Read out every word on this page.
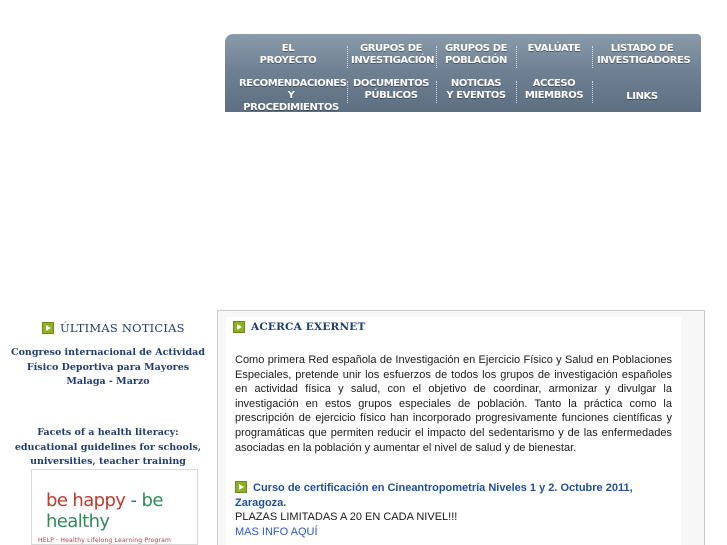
EL
PROYECTO
GRUPOS DE
INVESTIGACIÓN
GRUPOS DE
POBLACIÓN
EVALÚATE	LISTADO DE
INVESTIGADORES
RECOMENDACIONES
Y PROCEDIMIENTOS
DOCUMENTOS
PÚBLICOS
NOTICIAS
Y EVENTOS
ACCESO
MIEMBROS	LINKS
ÚLTIMAS NOTICIAS
Congreso internacional de Actividad Físico Deportiva para Mayores Malaga - Marzo
Facets of a health literacy: educational guidelines for schools, universities, teacher training
be happy - be healthy
HELP · Healthy Lifelong Learning Program
ACERCA EXERNET
Como primera Red española de Investigación en Ejercicio Físico y Salud en Poblaciones Especiales, pretende unir los esfuerzos de todos los grupos de investigación españoles en actividad física y salud, con el objetivo de coordinar, armonizar y divulgar la investigación en estos grupos especiales de población. Tanto la práctica como la prescripción de ejercicio físico han incorporado progresivamente funciones científicas y programáticas que permiten reducir el impacto del sedentarismo y de las enfermedades asociadas en la población y aumentar el nivel de salud y de bienestar.
Curso de certificación en Cineantropometría Niveles 1 y 2. Octubre 2011, Zaragoza.
PLAZAS LIMITADAS A 20 EN CADA NIVEL!!!
MAS INFO AQUÍ
